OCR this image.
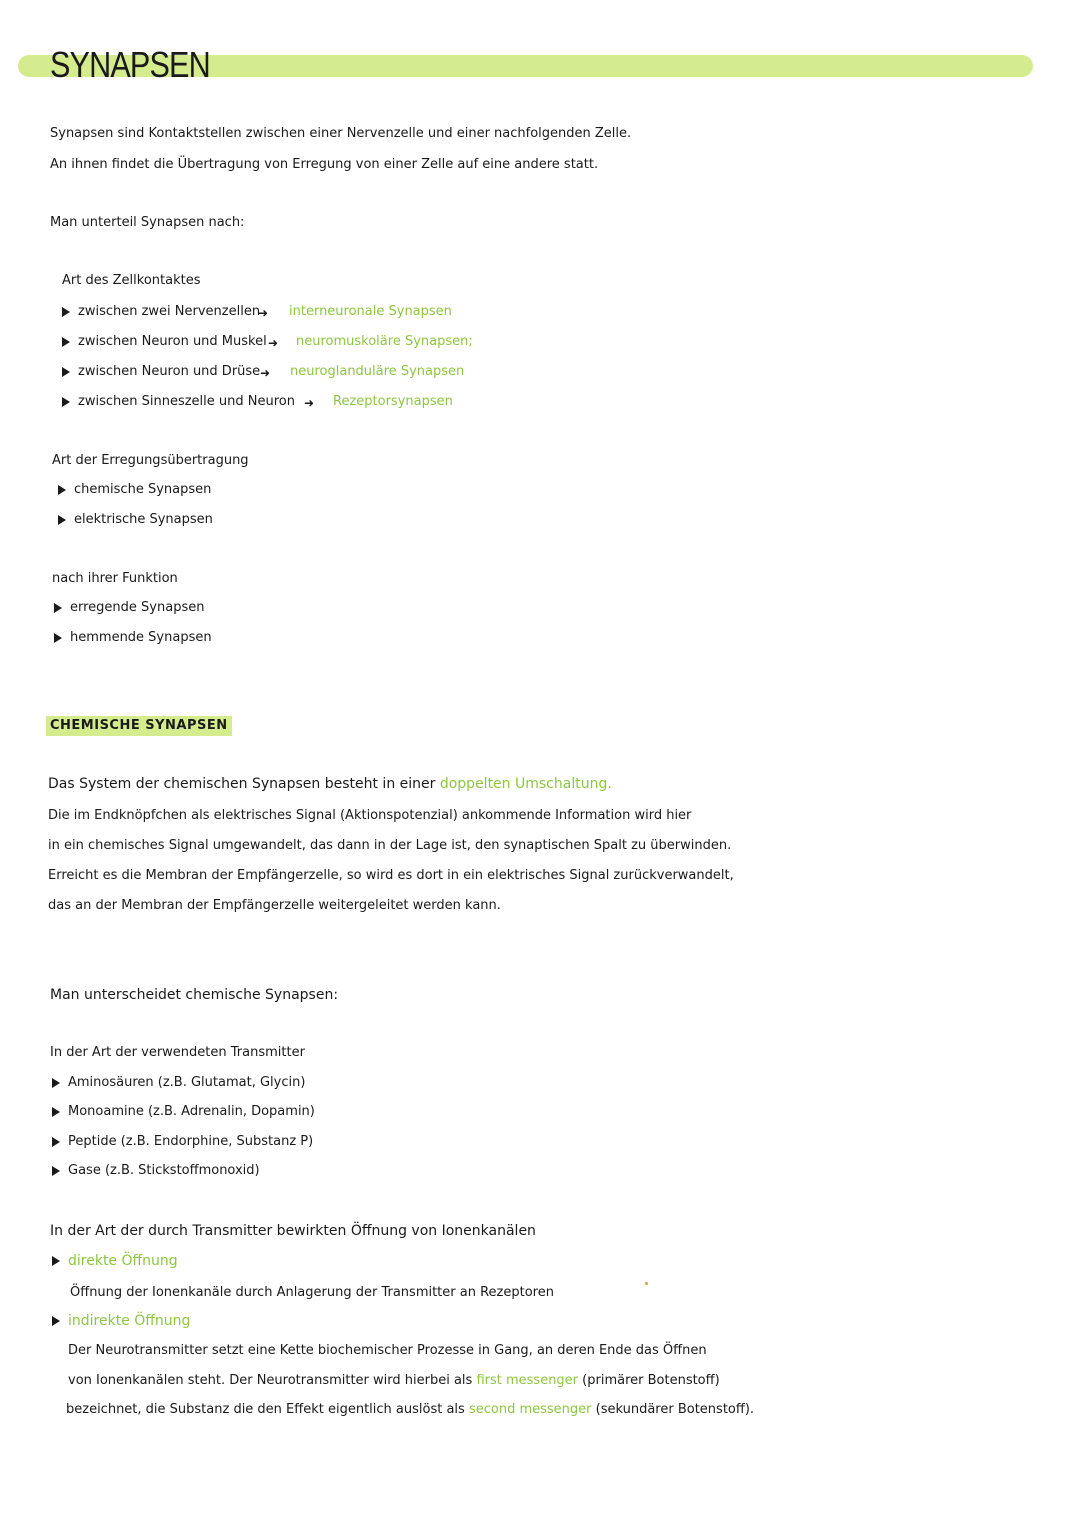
SYNAPSEN
Synapsen sind Kontaktstellen zwischen einer Nervenzelle und einer nachfolgenden Zelle.
An ihnen findet die Übertragung von Erregung von einer Zelle auf eine andere statt.
Man unterteil Synapsen nach:
Art des Zellkontaktes
zwischen zwei Nervenzellen
➜ interneuronale Synapsen
zwischen Neuron und Muskel ➜ neuromuskoläre Synapsen;
zwischen Neuron und Drüse ➜ neuroglanduläre Synapsen
zwischen Sinneszelle und Neuron ➜ Rezeptorsynapsen
Art der Erregungsübertragung
chemische Synapsen
elektrische Synapsen
nach ihrer Funktion
erregende Synapsen
hemmende Synapsen
CHEMISCHE SYNAPSEN
Das System der chemischen Synapsen besteht in einer doppelten Umschaltung.
Die im Endknöpfchen als elektrisches Signal (Aktionspotenzial) ankommende Information wird hier
in ein chemisches Signal umgewandelt, das dann in der Lage ist, den synaptischen Spalt zu überwinden.
Erreicht es die Membran der Empfängerzelle, so wird es dort in ein elektrisches Signal zurückverwandelt,
das an der Membran der Empfängerzelle weitergeleitet werden kann.
Man unterscheidet chemische Synapsen:
In der Art der verwendeten Transmitter
Aminosäuren (z.B. Glutamat, Glycin)
Monoamine (z.B. Adrenalin, Dopamin)
Peptide (z.B. Endorphine, Substanz P)
Gase (z.B. Stickstoffmonoxid)
In der Art der durch Transmitter bewirkten Öffnung von Ionenkanälen
direkte Öffnung
Öffnung der Ionenkanäle durch Anlagerung der Transmitter an Rezeptoren
indirekte Öffnung
Der Neurotransmitter setzt eine Kette biochemischer Prozesse in Gang, an deren Ende das Öffnen
von Ionenkanälen steht. Der Neurotransmitter wird hierbei als first messenger (primärer Botenstoff)
bezeichnet, die Substanz die den Effekt eigentlich auslöst als second messenger (sekundärer Botenstoff).
